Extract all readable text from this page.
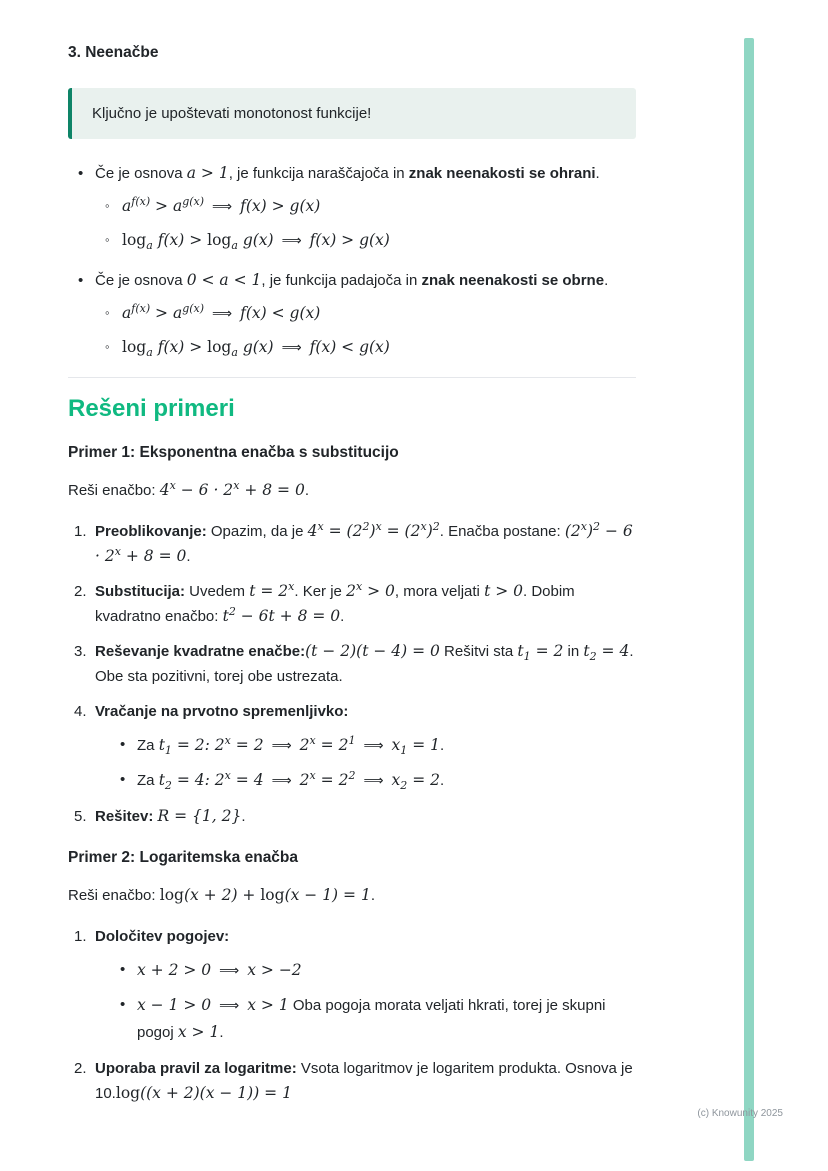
3. Neenačbe

Ključno je upoštevati monotonost funkcije!

• Če je osnova a > 1, je funkcija naraščajoča in znak neenakosti se ohrani.
◦ $a^{f(x)} > a^{g(x)}$ ⟹ f(x) > g(x)
◦ $\log_a f(x) > \log_a g(x)$ ⟹ f(x) > g(x)
• Če je osnova 0 < a < 1, je funkcija padajoča in znak neenakosti se obrne.
◦ $a^{f(x)} > a^{g(x)}$ ⟹ f(x) < g(x)
◦ $\log_a f(x) > \log_a g(x)$ ⟹ f(x) < g(x)
Rešeni primeri
Primer 1: Eksponentna enačba s substitucijo

Reši enačbo: $4^x - 6 \cdot 2^x + 8 = 0$.

Preoblikovanje: Opazim, da je $4^x = (2^2)^x = (2^x)^2$. Enačba postane: $(2^x)^2 - 6 \cdot 2^x + 8 = 0$.
Substitucija: Uvedem $t = 2^x$. Ker je $2^x > 0$, mora veljati t > 0. Dobim kvadratno enačbo: $t^2 - 6t + 8 = 0$.
Reševanje kvadratne enačbe:(t − 2)(t − 4) = 0 Rešitvi sta $t_1 = 2$ in $t_2 = 4$. Obe sta pozitivni, torej obe ustrezata.
Vračanje na prvotno spremenljivko:
• Za $t_1 = 2$: $2^x = 2$ ⟹ $2^x = 2^1$ ⟹ $x_1 = 1$.
• Za $t_2 = 4$: $2^x = 4$ ⟹ $2^x = 2^2$ ⟹ $x_2 = 2$.
Rešitev: R = {1, 2}.
Primer 2: Logaritemska enačba

Reši enačbo: log(x + 2) + log(x − 1) = 1.

Določitev pogojev:
• x + 2 > 0 ⟹ x > −2
• x − 1 > 0 ⟹ x > 1 Oba pogoja morata veljati hkrati, torej je skupni pogoj x > 1.
Uporaba pravil za logaritme: Vsota logaritmov je logaritem produkta. Osnova je 10.log((x + 2)(x − 1)) = 1
(c) Knowunity 2025
